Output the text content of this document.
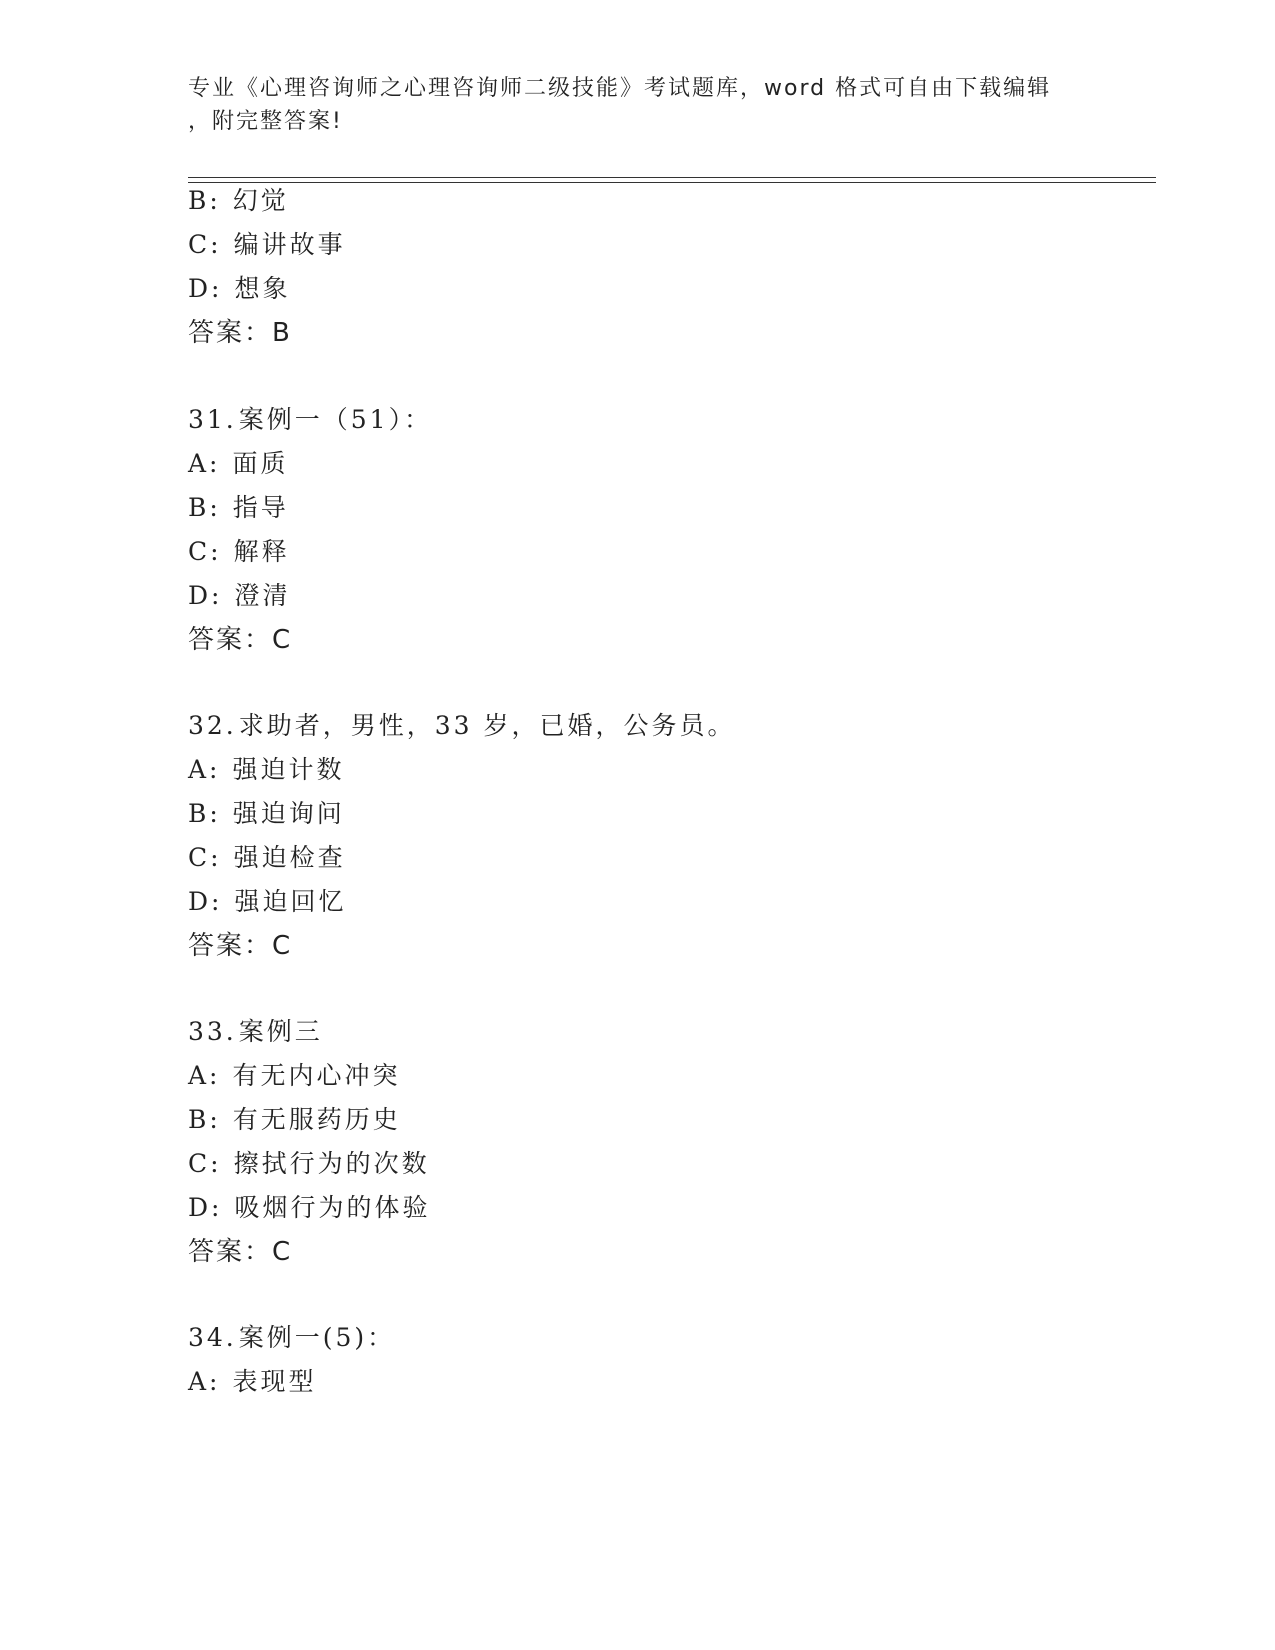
专业《心理咨询师之心理咨询师二级技能》考试题库，word 格式可自由下载编辑
，附完整答案!
B: 幻觉
C: 编讲故事
D: 想象
答案：B
31.案例一（51）：
A: 面质
B: 指导
C: 解释
D: 澄清
答案：C
32.求助者，男性，33 岁，已婚，公务员。
A: 强迫计数
B: 强迫询问
C: 强迫检查
D: 强迫回忆
答案：C
33.案例三
A: 有无内心冲突
B: 有无服药历史
C: 擦拭行为的次数
D: 吸烟行为的体验
答案：C
34.案例一(5)：
A: 表现型
